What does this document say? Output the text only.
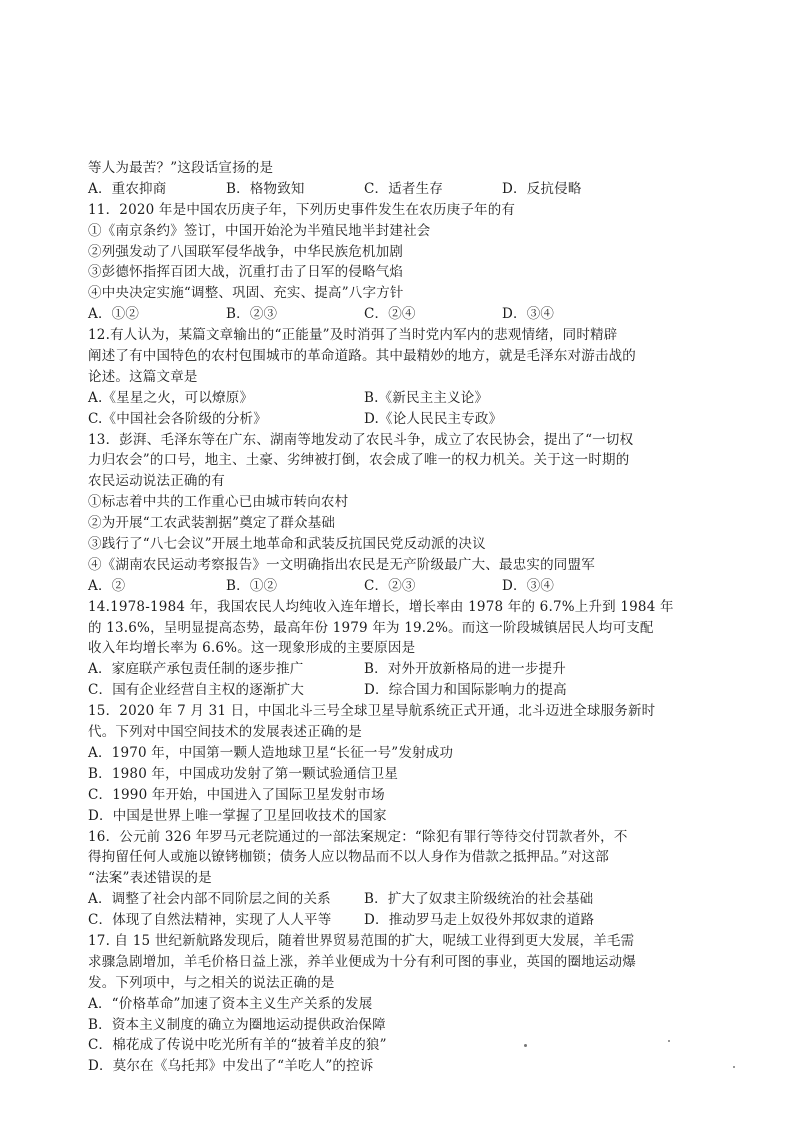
等人为最苦？”这段话宣扬的是
A．重农抑商	B．格物致知	C．适者生存	D．反抗侵略
11．2020 年是中国农历庚子年，下列历史事件发生在农历庚子年的有
①《南京条约》签订，中国开始沦为半殖民地半封建社会
②列强发动了八国联军侵华战争，中华民族危机加剧
③彭德怀指挥百团大战，沉重打击了日军的侵略气焰
④中央决定实施“调整、巩固、充实、提高”八字方针
A．①②	B．②③	C．②④	D．③④
12.有人认为，某篇文章输出的“正能量”及时消弭了当时党内军内的悲观情绪，同时精辟
阐述了有中国特色的农村包围城市的革命道路。其中最精妙的地方，就是毛泽东对游击战的
论述。这篇文章是
A.《星星之火，可以燎原》	B.《新民主主义论》
C.《中国社会各阶级的分析》	D.《论人民民主专政》
13．彭湃、毛泽东等在广东、湖南等地发动了农民斗争，成立了农民协会，提出了“一切权
力归农会”的口号，地主、土豪、劣绅被打倒，农会成了唯一的权力机关。关于这一时期的
农民运动说法正确的有
①标志着中共的工作重心已由城市转向农村
②为开展“工农武装割据”奠定了群众基础
③践行了“八七会议”开展土地革命和武装反抗国民党反动派的决议
④《湖南农民运动考察报告》一文明确指出农民是无产阶级最广大、最忠实的同盟军
A．②	B．①②	C．②③	D．③④
14.1978-1984 年，我国农民人均纯收入连年增长，增长率由 1978 年的 6.7%上升到 1984 年
的 13.6%，呈明显提高态势，最高年份 1979 年为 19.2%。而这一阶段城镇居民人均可支配
收入年均增长率为 6.6%。这一现象形成的主要原因是
A．家庭联产承包责任制的逐步推广	B．对外开放新格局的进一步提升
C．国有企业经营自主权的逐渐扩大	D．综合国力和国际影响力的提高
15．2020 年 7 月 31 日，中国北斗三号全球卫星导航系统正式开通，北斗迈进全球服务新时
代。下列对中国空间技术的发展表述正确的是
A．1970 年，中国第一颗人造地球卫星“长征一号”发射成功
B．1980 年，中国成功发射了第一颗试验通信卫星
C．1990 年开始，中国进入了国际卫星发射市场
D．中国是世界上唯一掌握了卫星回收技术的国家
16．公元前 326 年罗马元老院通过的一部法案规定：“除犯有罪行等待交付罚款者外，不
得拘留任何人或施以镣铐枷锁；债务人应以物品而不以人身作为借款之抵押品。”对这部
“法案”表述错误的是
A．调整了社会内部不同阶层之间的关系	B．扩大了奴隶主阶级统治的社会基础
C．体现了自然法精神，实现了人人平等	D．推动罗马走上奴役外邦奴隶的道路
17. 自 15 世纪新航路发现后，随着世界贸易范围的扩大，呢绒工业得到更大发展，羊毛需
求骤急剧增加，羊毛价格日益上涨，养羊业便成为十分有利可图的事业，英国的圈地运动爆
发。下列项中，与之相关的说法正确的是
A．“价格革命”加速了资本主义生产关系的发展
B．资本主义制度的确立为圈地运动提供政治保障
C．棉花成了传说中吃光所有羊的“披着羊皮的狼”
D．莫尔在《乌托邦》中发出了“羊吃人”的控诉
